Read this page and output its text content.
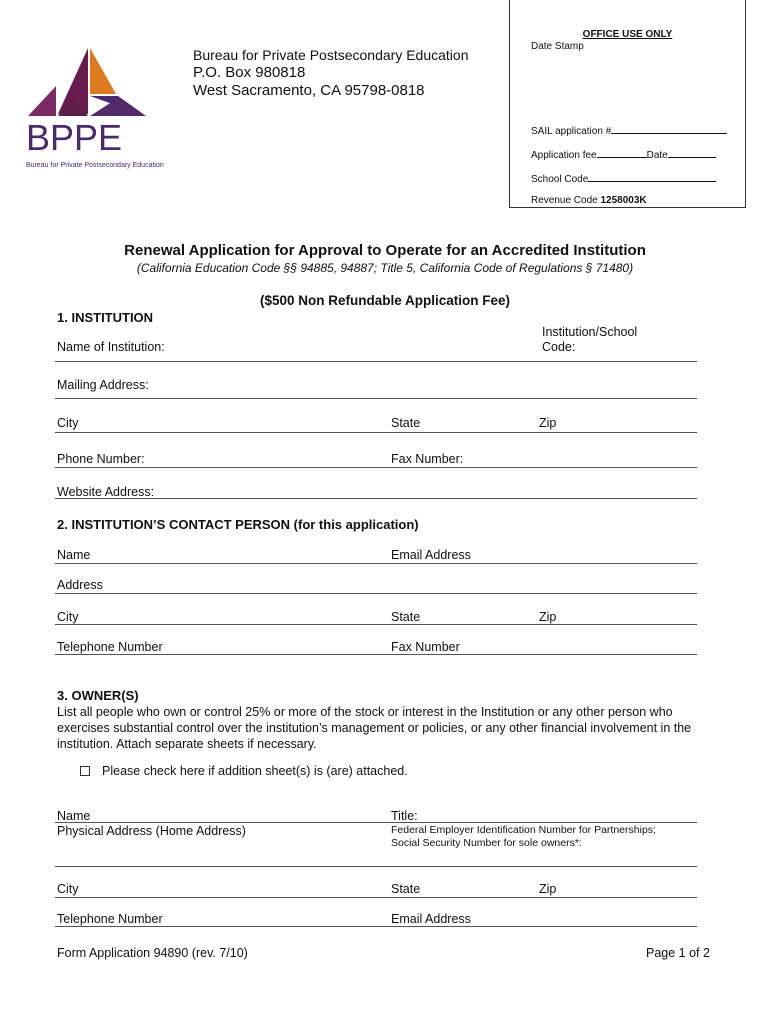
BPPE
Bureau for Private Postsecondary Education
Bureau for Private Postsecondary Education
P.O. Box 980818
West Sacramento, CA 95798-0818
OFFICE USE ONLY
Date Stamp
SAIL application #
Application fee	Date
School Code
Revenue Code 1258003K
Renewal Application for Approval to Operate for an Accredited Institution
(California Education Code §§ 94885, 94887; Title 5, California Code of Regulations § 71480)
($500 Non Refundable Application Fee)
1. INSTITUTION
Name of Institution:
Institution/School
Code:
Mailing Address:
City	State	Zip
Phone Number:	Fax Number:
Website Address:
2. INSTITUTION’S CONTACT PERSON (for this application)
Name	Email Address
Address
City	State	Zip
Telephone Number	Fax Number
3. OWNER(S)
List all people who own or control 25% or more of the stock or interest in the Institution or any other person who exercises substantial control over the institution’s management or policies, or any other financial involvement in the institution. Attach separate sheets if necessary.
Please check here if addition sheet(s) is (are) attached.
Name	Title:
Physical Address (Home Address)	Federal Employer Identification Number for Partnerships;
Social Security Number for sole owners*:
City	State	Zip
Telephone Number	Email Address
Form Application 94890 (rev. 7/10)	Page 1 of 2
